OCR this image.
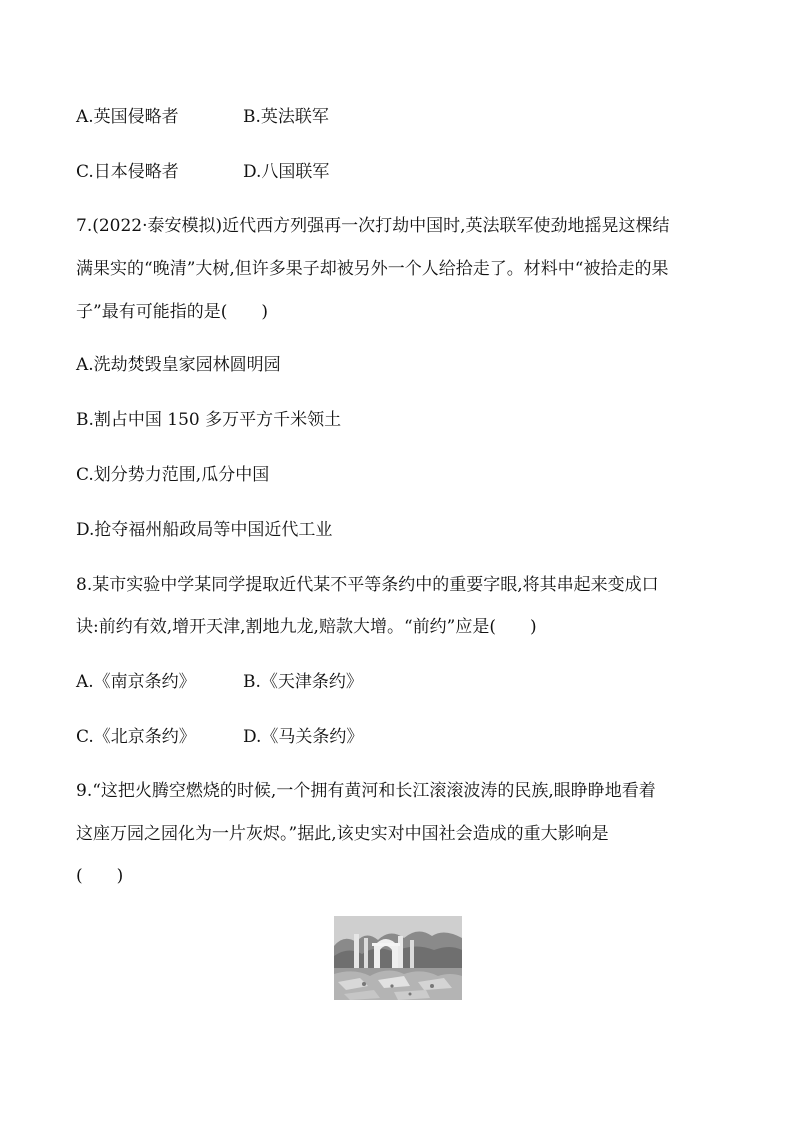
A.英国侵略者	B.英法联军
C.日本侵略者	D.八国联军
7.(2022·泰安模拟)近代西方列强再一次打劫中国时,英法联军使劲地摇晃这棵结
满果实的“晚清”大树,但许多果子却被另外一个人给拾走了。材料中“被拾走的果
子”最有可能指的是(　　)
A.洗劫焚毁皇家园林圆明园
B.割占中国 150 多万平方千米领土
C.划分势力范围,瓜分中国
D.抢夺福州船政局等中国近代工业
8.某市实验中学某同学提取近代某不平等条约中的重要字眼,将其串起来变成口
诀:前约有效,增开天津,割地九龙,赔款大增。“前约”应是(　　)
A.《南京条约》	B.《天津条约》
C.《北京条约》	D.《马关条约》
9.“这把火腾空燃烧的时候,一个拥有黄河和长江滚滚波涛的民族,眼睁睁地看着
这座万园之园化为一片灰烬。”据此,该史实对中国社会造成的重大影响是
(　　)
